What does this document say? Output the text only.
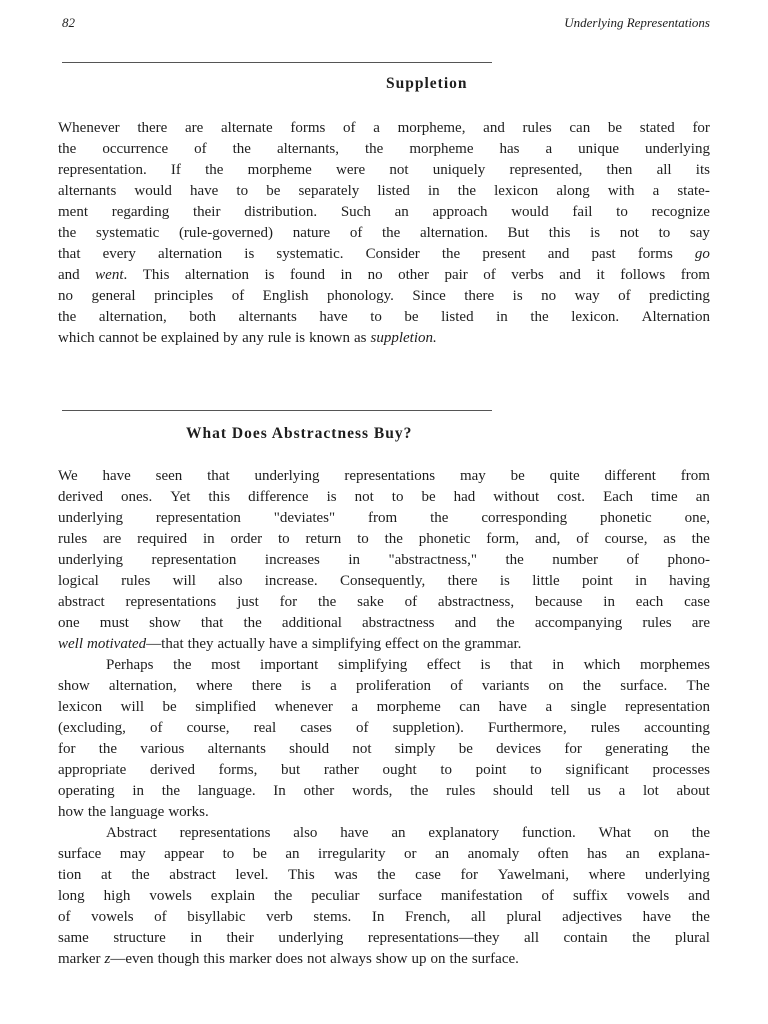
82	Underlying Representations
Suppletion
Whenever there are alternate forms of a morpheme, and rules can be stated for
the occurrence of the alternants, the morpheme has a unique underlying
representation. If the morpheme were not uniquely represented, then all its
alternants would have to be separately listed in the lexicon along with a state-
ment regarding their distribution. Such an approach would fail to recognize
the systematic (rule-governed) nature of the alternation. But this is not to say
that every alternation is systematic. Consider the present and past forms go
and went. This alternation is found in no other pair of verbs and it follows from
no general principles of English phonology. Since there is no way of predicting
the alternation, both alternants have to be listed in the lexicon. Alternation
which cannot be explained by any rule is known as suppletion.
What Does Abstractness Buy?
We have seen that underlying representations may be quite different from
derived ones. Yet this difference is not to be had without cost. Each time an
underlying representation "deviates" from the corresponding phonetic one,
rules are required in order to return to the phonetic form, and, of course, as the
underlying representation increases in "abstractness," the number of phono-
logical rules will also increase. Consequently, there is little point in having
abstract representations just for the sake of abstractness, because in each case
one must show that the additional abstractness and the accompanying rules are
well motivated—that they actually have a simplifying effect on the grammar.
Perhaps the most important simplifying effect is that in which morphemes
show alternation, where there is a proliferation of variants on the surface. The
lexicon will be simplified whenever a morpheme can have a single representation
(excluding, of course, real cases of suppletion). Furthermore, rules accounting
for the various alternants should not simply be devices for generating the
appropriate derived forms, but rather ought to point to significant processes
operating in the language. In other words, the rules should tell us a lot about
how the language works.
Abstract representations also have an explanatory function. What on the
surface may appear to be an irregularity or an anomaly often has an explana-
tion at the abstract level. This was the case for Yawelmani, where underlying
long high vowels explain the peculiar surface manifestation of suffix vowels and
of vowels of bisyllabic verb stems. In French, all plural adjectives have the
same structure in their underlying representations—they all contain the plural
marker z—even though this marker does not always show up on the surface.
